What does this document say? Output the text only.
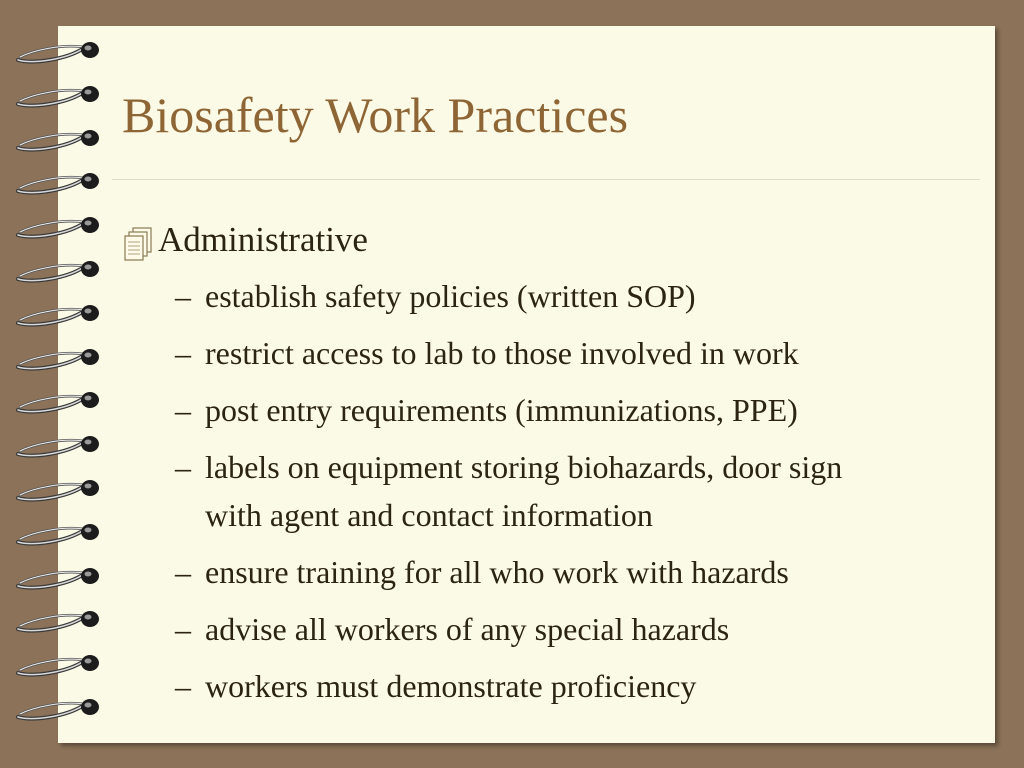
Biosafety Work Practices
Administrative
– establish safety policies (written SOP)
– restrict access to lab to those involved in work
– post entry requirements (immunizations, PPE)
– labels on equipment storing biohazards, door sign with agent and contact information
– ensure training for all who work with hazards
– advise all workers of any special hazards
– workers must demonstrate proficiency
